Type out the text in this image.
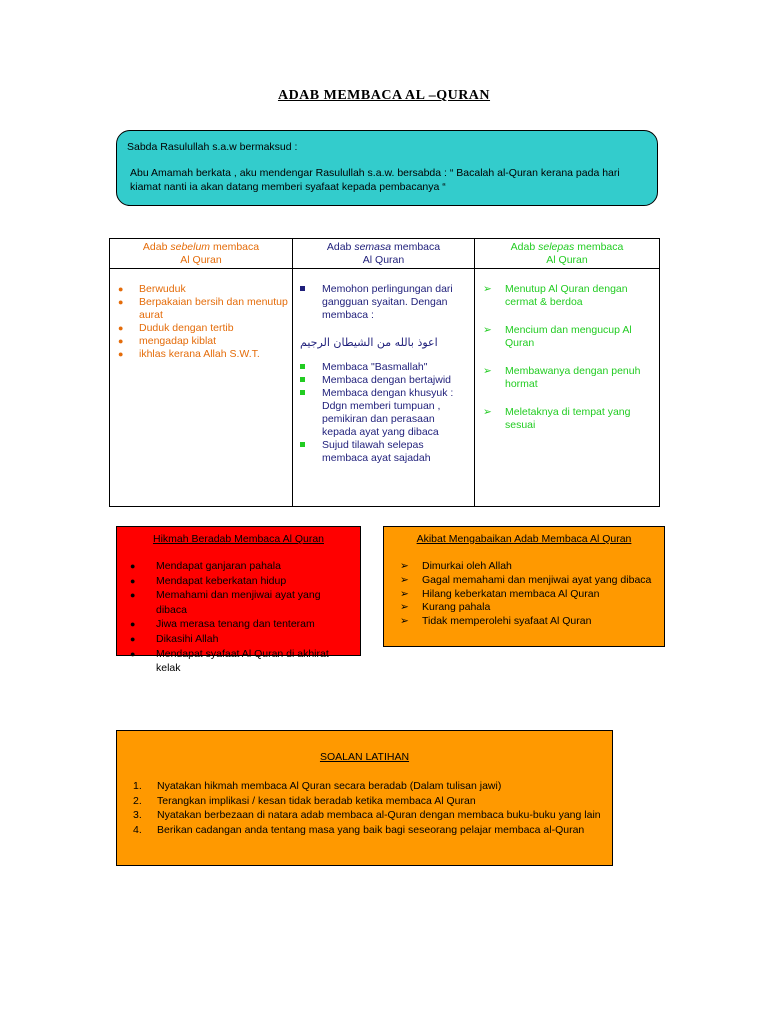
ADAB MEMBACA AL –QURAN

Sabda Rasulullah s.a.w bermaksud :

Abu Amamah berkata , aku mendengar Rasulullah s.a.w. bersabda : “ Bacalah al-Quran kerana pada hari kiamat nanti ia akan datang memberi syafaat kepada pembacanya “

Adab sebelum membaca
Al Quran
● Berwuduk
● Berpakaian bersih dan menutup aurat
● Duduk dengan tertib
● mengadap kiblat
● ikhlas kerana Allah S.W.T.
Adab semasa membaca
Al Quran
Memohon perlingungan dari gangguan syaitan. Dengan membaca :
اعوذ بالله من الشيطان الرجيم
Membaca "Basmallah"
Membaca dengan bertajwid
Membaca dengan khusyuk : Ddgn memberi tumpuan , pemikiran dan perasaan kepada ayat yang dibaca
Sujud tilawah selepas membaca ayat sajadah
Adab selepas membaca
Al Quran
➢ Menutup Al Quran dengan cermat & berdoa
➢ Mencium dan mengucup Al Quran
➢ Membawanya dengan penuh hormat
➢ Meletaknya di tempat yang sesuai
Hikmah Beradab Membaca Al Quran
● Mendapat ganjaran pahala
● Mendapat keberkatan hidup
● Memahami dan menjiwai ayat yang dibaca
● Jiwa merasa tenang dan tenteram
● Dikasihi Allah
● Mendapat syafaat Al Quran di akhirat kelak
Akibat Mengabaikan Adab Membaca Al Quran
➢ Dimurkai oleh Allah
➢ Gagal memahami dan menjiwai ayat yang dibaca
➢ Hilang keberkatan membaca Al Quran
➢ Kurang pahala
➢ Tidak memperolehi syafaat Al Quran
SOALAN LATIHAN
1. Nyatakan hikmah membaca Al Quran secara beradab (Dalam tulisan jawi)
2. Terangkan implikasi / kesan tidak beradab ketika membaca Al Quran
3. Nyatakan berbezaan di natara adab membaca al-Quran dengan membaca buku-buku yang lain
4. Berikan cadangan anda tentang masa yang baik bagi seseorang pelajar membaca al-Quran
